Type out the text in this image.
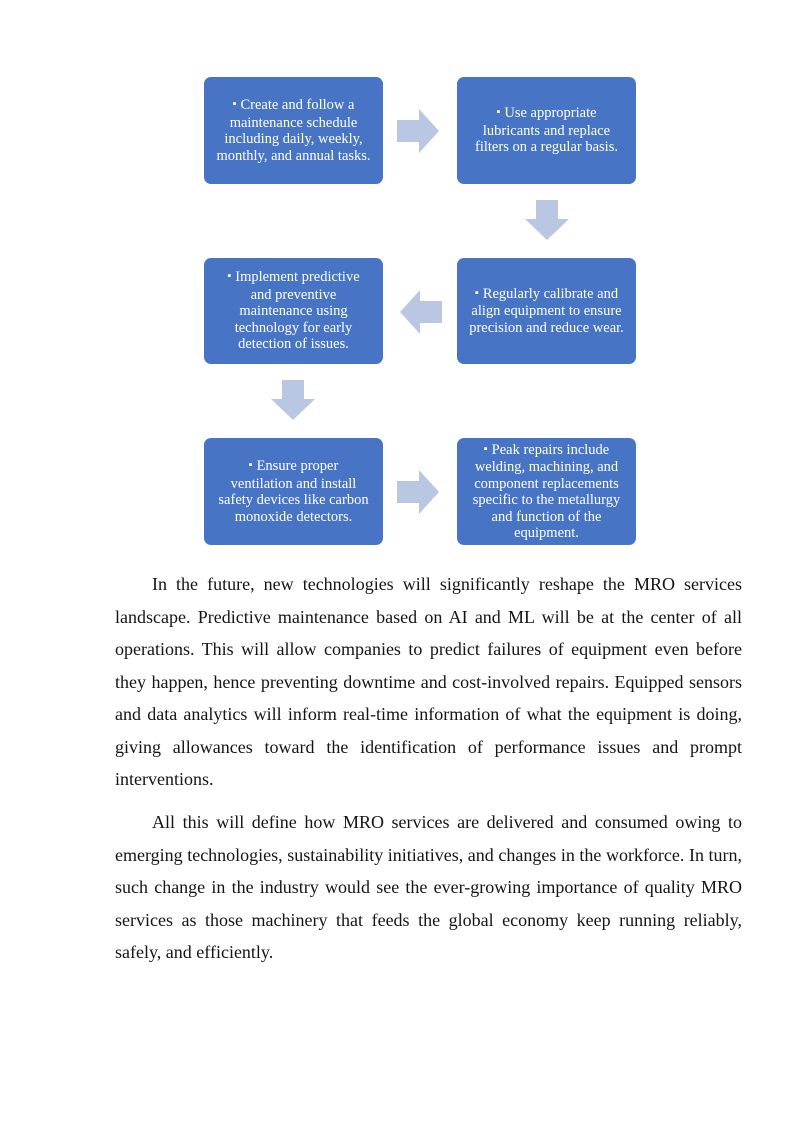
▪ Create and follow a maintenance schedule including daily, weekly, monthly, and annual tasks.
▪ Use appropriate lubricants and replace filters on a regular basis.
▪ Regularly calibrate and align equipment to ensure precision and reduce wear.
▪ Implement predictive and preventive maintenance using technology for early detection of issues.
▪ Ensure proper ventilation and install safety devices like carbon monoxide detectors.
▪ Peak repairs include welding, machining, and component replacements specific to the metallurgy and function of the equipment.

In the future, new technologies will significantly reshape the MRO services landscape. Predictive maintenance based on AI and ML will be at the center of all operations. This will allow companies to predict failures of equipment even before they happen, hence preventing downtime and cost-involved repairs. Equipped sensors and data analytics will inform real-time information of what the equipment is doing, giving allowances toward the identification of performance issues and prompt interventions.

All this will define how MRO services are delivered and consumed owing to emerging technologies, sustainability initiatives, and changes in the workforce. In turn, such change in the industry would see the ever-growing importance of quality MRO services as those machinery that feeds the global economy keep running reliably, safely, and efficiently.
